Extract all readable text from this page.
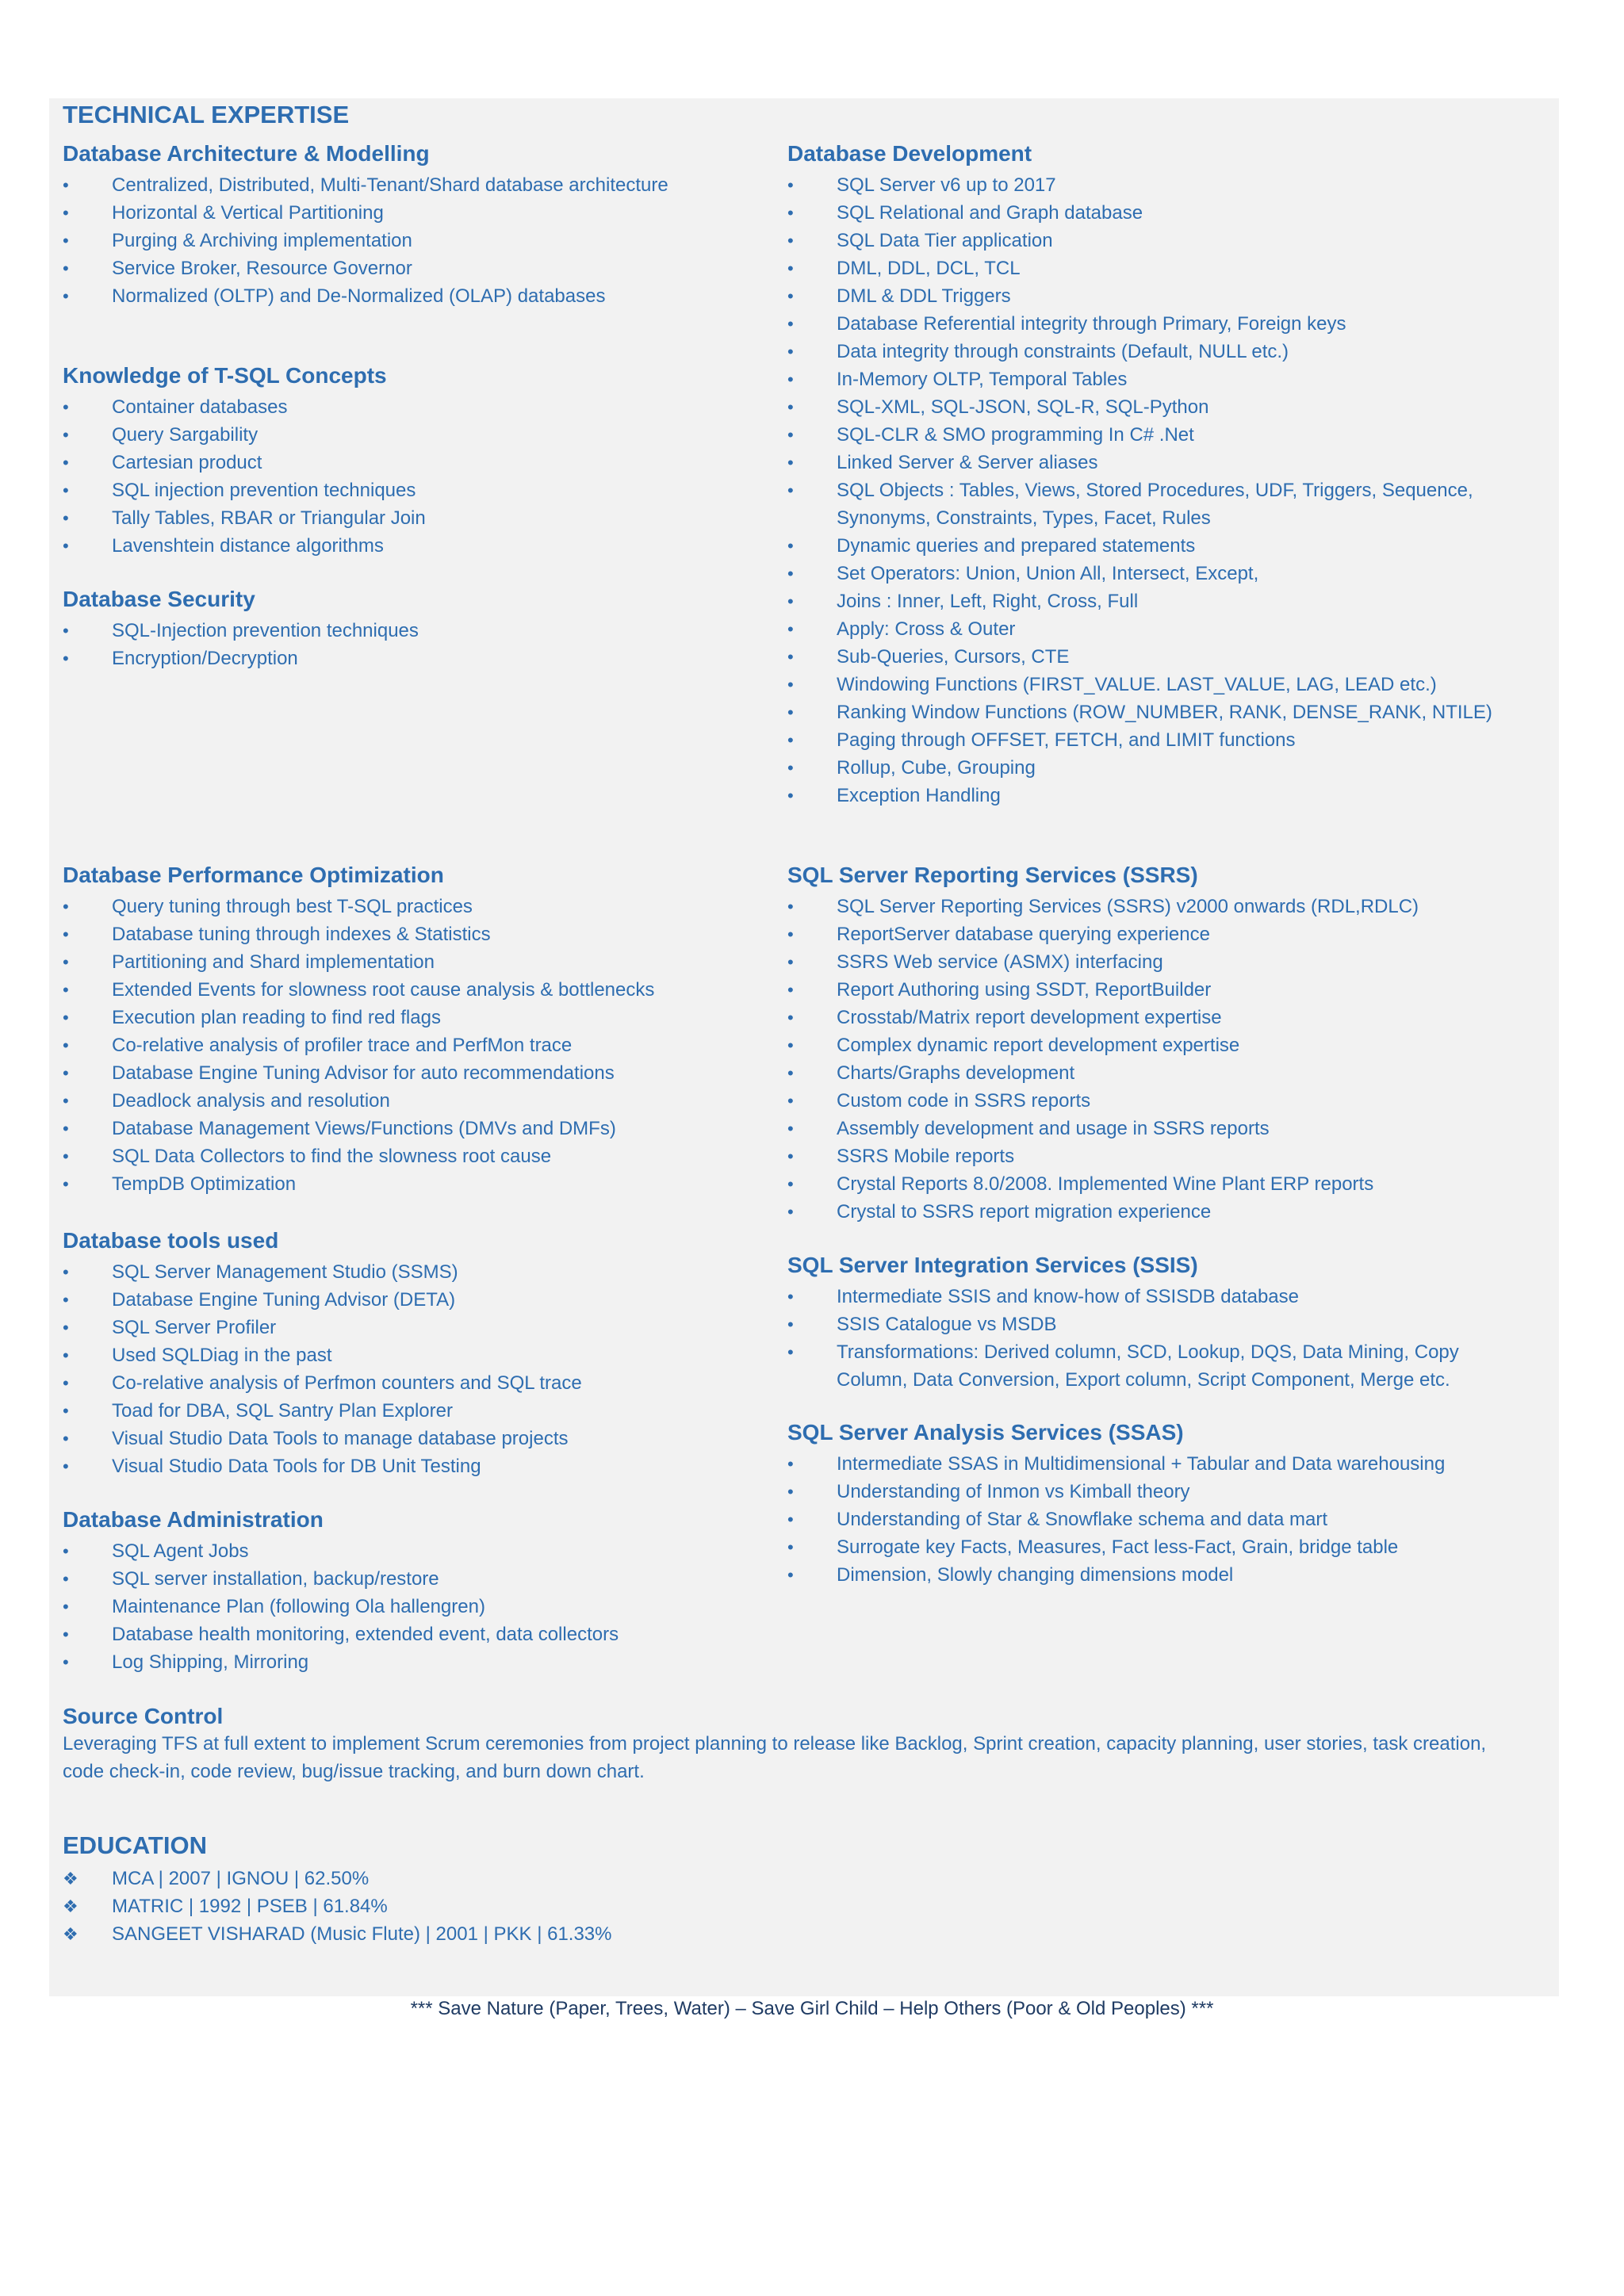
TECHNICAL EXPERTISE
Database Architecture & Modelling
•	Centralized, Distributed, Multi-Tenant/Shard database architecture
•	Horizontal & Vertical Partitioning
•	Purging & Archiving implementation
•	Service Broker, Resource Governor
•	Normalized (OLTP) and De-Normalized (OLAP) databases
Knowledge of T-SQL Concepts
•	Container databases
•	Query Sargability
•	Cartesian product
•	SQL injection prevention techniques
•	Tally Tables, RBAR or Triangular Join
•	Lavenshtein distance algorithms
Database Security
•	SQL-Injection prevention techniques
•	Encryption/Decryption
Database Development
•	SQL Server v6 up to 2017
•	SQL Relational and Graph database
•	SQL Data Tier application
•	DML, DDL, DCL, TCL
•	DML & DDL Triggers
•	Database Referential integrity through Primary, Foreign keys
•	Data integrity through constraints (Default, NULL etc.)
•	In-Memory OLTP, Temporal Tables
•	SQL-XML, SQL-JSON, SQL-R, SQL-Python
•	SQL-CLR & SMO programming In C# .Net
•	Linked Server & Server aliases
•	SQL Objects : Tables, Views, Stored Procedures, UDF, Triggers, Sequence, Synonyms, Constraints, Types, Facet, Rules
•	Dynamic queries and prepared statements
•	Set Operators: Union, Union All, Intersect, Except,
•	Joins : Inner, Left, Right, Cross, Full
•	Apply: Cross & Outer
•	Sub-Queries, Cursors, CTE
•	Windowing Functions (FIRST_VALUE. LAST_VALUE, LAG, LEAD etc.)
•	Ranking Window Functions (ROW_NUMBER, RANK, DENSE_RANK, NTILE)
•	Paging through OFFSET, FETCH, and LIMIT functions
•	Rollup, Cube, Grouping
•	Exception Handling
Database Performance Optimization
•	Query tuning through best T-SQL practices
•	Database tuning through indexes & Statistics
•	Partitioning and Shard implementation
•	Extended Events for slowness root cause analysis & bottlenecks
•	Execution plan reading to find red flags
•	Co-relative analysis of profiler trace and PerfMon trace
•	Database Engine Tuning Advisor for auto recommendations
•	Deadlock analysis and resolution
•	Database Management Views/Functions (DMVs and DMFs)
•	SQL Data Collectors to find the slowness root cause
•	TempDB Optimization
Database tools used
•	SQL Server Management Studio (SSMS)
•	Database Engine Tuning Advisor (DETA)
•	SQL Server Profiler
•	Used SQLDiag in the past
•	Co-relative analysis of Perfmon counters and SQL trace
•	Toad for DBA, SQL Santry Plan Explorer
•	Visual Studio Data Tools to manage database projects
•	Visual Studio Data Tools for DB Unit Testing
Database Administration
•	SQL Agent Jobs
•	SQL server installation, backup/restore
•	Maintenance Plan (following Ola hallengren)
•	Database health monitoring, extended event, data collectors
•	Log Shipping, Mirroring
SQL Server Reporting Services (SSRS)
•	SQL Server Reporting Services (SSRS) v2000 onwards (RDL,RDLC)
•	ReportServer database querying experience
•	SSRS Web service (ASMX) interfacing
•	Report Authoring using SSDT, ReportBuilder
•	Crosstab/Matrix report development expertise
•	Complex dynamic report development expertise
•	Charts/Graphs development
•	Custom code in SSRS reports
•	Assembly development and usage in SSRS reports
•	SSRS Mobile reports
•	Crystal Reports 8.0/2008. Implemented Wine Plant ERP reports
•	Crystal to SSRS report migration experience
SQL Server Integration Services (SSIS)
•	Intermediate SSIS and know-how of SSISDB database
•	SSIS Catalogue vs MSDB
•	Transformations: Derived column, SCD, Lookup, DQS, Data Mining, Copy Column, Data Conversion, Export column, Script Component, Merge etc.
SQL Server Analysis Services (SSAS)
•	Intermediate SSAS in Multidimensional + Tabular and Data warehousing
•	Understanding of Inmon vs Kimball theory
•	Understanding of Star & Snowflake schema and data mart
•	Surrogate key Facts, Measures, Fact less-Fact, Grain, bridge table
•	Dimension, Slowly changing dimensions model
Source Control
Leveraging TFS at full extent to implement Scrum ceremonies from project planning to release like Backlog, Sprint creation, capacity planning, user stories, task creation, code check-in, code review, bug/issue tracking, and burn down chart.
EDUCATION
❖ MCA | 2007 | IGNOU | 62.50%
❖ MATRIC | 1992 | PSEB | 61.84%
❖ SANGEET VISHARAD (Music Flute) | 2001 | PKK | 61.33%
*** Save Nature (Paper, Trees, Water) – Save Girl Child – Help Others (Poor & Old Peoples) ***
